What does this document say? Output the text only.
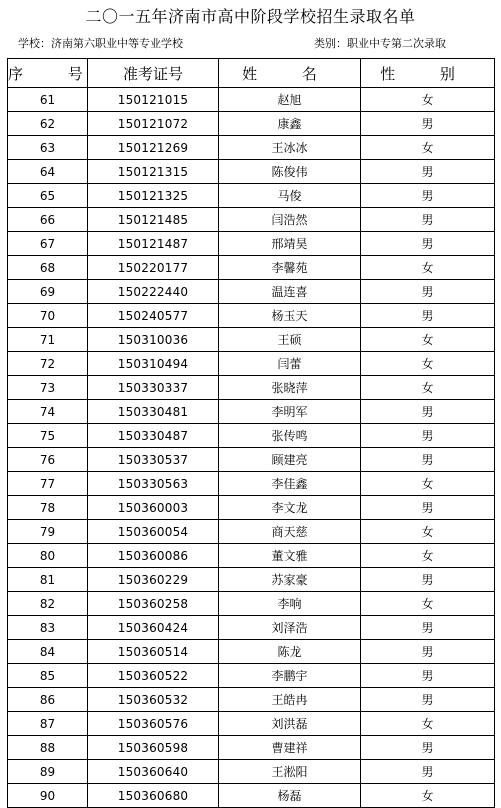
二〇一五年济南市高中阶段学校招生录取名单
学校：济南第六职业中等专业学校	类别：职业中专第二次录取
序 号	准考证号	姓 名	性 别
61	150121015	赵旭	女
62	150121072	康鑫	男
63	150121269	王冰冰	女
64	150121315	陈俊伟	男
65	150121325	马俊	男
66	150121485	闫浩然	男
67	150121487	邢靖昊	男
68	150220177	李馨苑	女
69	150222440	温连喜	男
70	150240577	杨玉天	男
71	150310036	王硕	女
72	150310494	闫蕾	女
73	150330337	张晓萍	女
74	150330481	李明军	男
75	150330487	张传鸣	男
76	150330537	顾建亮	男
77	150330563	李佳鑫	女
78	150360003	李文龙	男
79	150360054	商天慈	女
80	150360086	董文雅	女
81	150360229	苏家豪	男
82	150360258	李响	女
83	150360424	刘泽浩	男
84	150360514	陈龙	男
85	150360522	李鹏宇	男
86	150360532	王皓冉	男
87	150360576	刘洪磊	女
88	150360598	曹建祥	男
89	150360640	王淞阳	男
90	150360680	杨磊	女
